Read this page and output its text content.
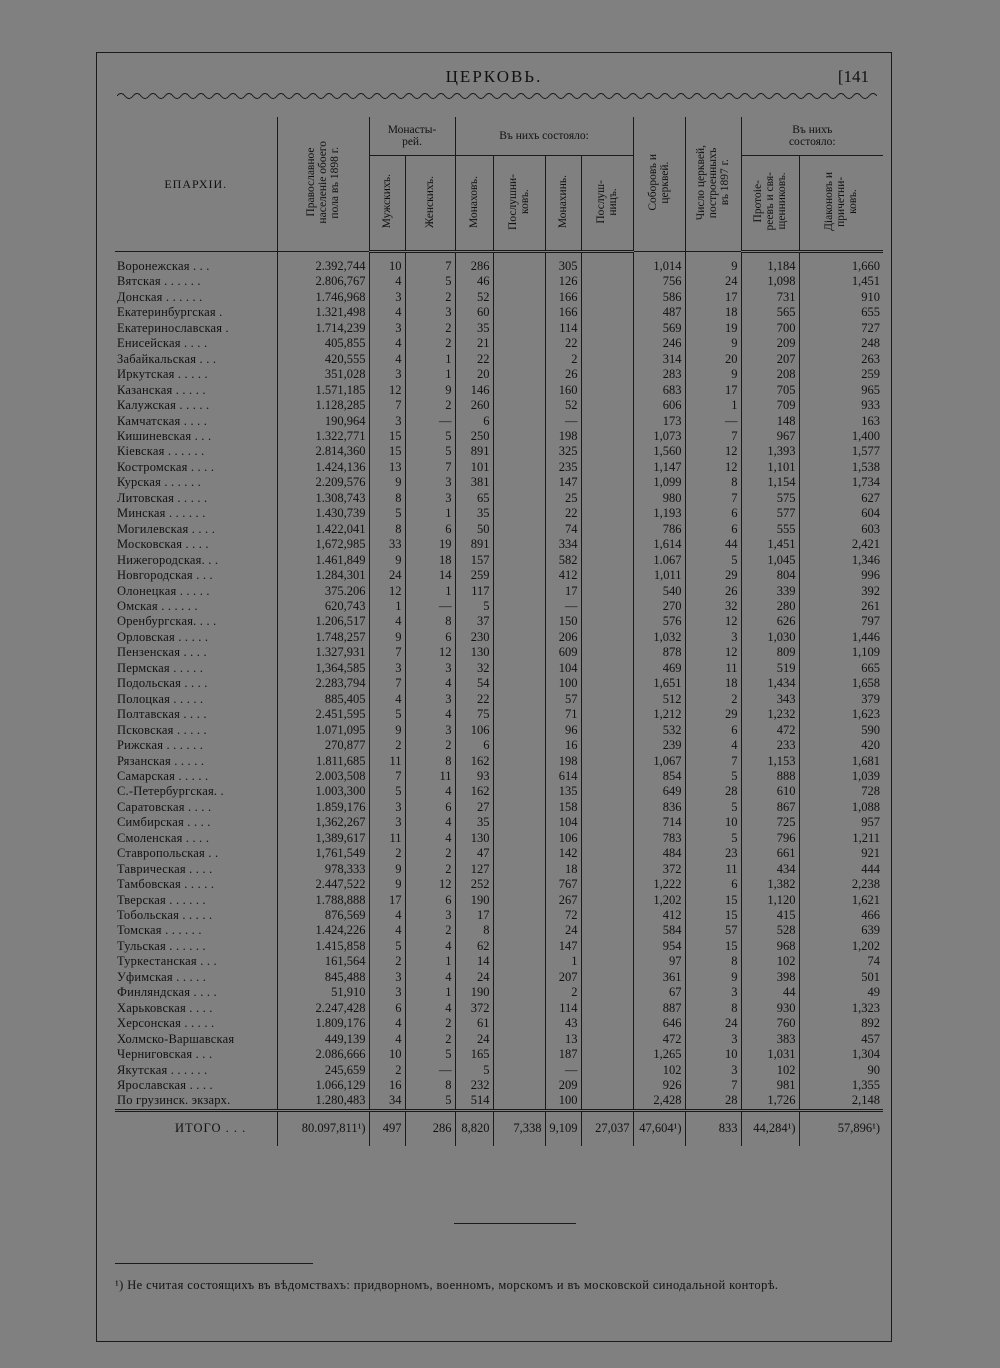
ЦЕРКОВЬ.	[141
ЕПАРХІИ.	Православное
населеніе обоего
пола въ 1898 г.	Монасты-
рей.		Въ нихъ состояло:				Соборовъ и
церквей.	Число церквей,
построенныхъ
въ 1897 г.	Въ нихъ
состояло:	
		Мужскихъ.	Женскихъ.	Монаховъ.	Послушни-
ковъ.	Монахинь.	Послуш-
ницъ.			Протоіе-
реевъ и свя-
щенниковъ.	Діаконовъ и
причетни-
ковъ.
Воронежская . . .	2.392,744	10	7	286		305		1,014	9	1,184	1,660
Вятская . . . . . .	2.806,767	4	5	46		126		756	24	1,098	1,451
Донская . . . . . .	1.746,968	3	2	52		166		586	17	731	910
Екатеринбургская .	1.321,498	4	3	60		166		487	18	565	655
Екатеринославская .	1.714,239	3	2	35		114		569	19	700	727
Енисейская . . . .	405,855	4	2	21		22		246	9	209	248
Забайкальская . . .	420,555	4	1	22		2		314	20	207	263
Иркутская . . . . .	351,028	3	1	20		26		283	9	208	259
Казанская . . . . .	1.571,185	12	9	146		160		683	17	705	965
Калужская . . . . .	1.128,285	7	2	260		52		606	1	709	933
Камчатская . . . .	190,964	3	—	6		—		173	—	148	163
Кишиневская . . .	1.322,771	15	5	250		198		1,073	7	967	1,400
Кіевская . . . . . .	2.814,360	15	5	891		325		1,560	12	1,393	1,577
Костромская . . . .	1.424,136	13	7	101		235		1,147	12	1,101	1,538
Курская . . . . . .	2.209,576	9	3	381		147		1,099	8	1,154	1,734
Литовская . . . . .	1.308,743	8	3	65		25		980	7	575	627
Минская . . . . . .	1.430,739	5	1	35		22		1,193	6	577	604
Могилевская . . . .	1.422,041	8	6	50		74		786	6	555	603
Московская . . . .	1,672,985	33	19	891		334		1,614	44	1,451	2,421
Нижегородская. . .	1.461,849	9	18	157		582		1.067	5	1,045	1,346
Новгородская . . .	1.284,301	24	14	259		412		1,011	29	804	996
Олонецкая . . . . .	375.206	12	1	117		17		540	26	339	392
Омская . . . . . .	620,743	1	—	5		—		270	32	280	261
Оренбургская. . . .	1.206,517	4	8	37		150		576	12	626	797
Орловская . . . . .	1.748,257	9	6	230		206		1,032	3	1,030	1,446
Пензенская . . . .	1.327,931	7	12	130		609		878	12	809	1,109
Пермская . . . . .	1,364,585	3	3	32		104		469	11	519	665
Подольская . . . .	2.283,794	7	4	54		100		1,651	18	1,434	1,658
Полоцкая . . . . .	885,405	4	3	22		57		512	2	343	379
Полтавская . . . .	2.451,595	5	4	75		71		1,212	29	1,232	1,623
Псковская . . . . .	1.071,095	9	3	106		96		532	6	472	590
Рижская . . . . . .	270,877	2	2	6		16		239	4	233	420
Рязанская . . . . .	1.811,685	11	8	162		198		1,067	7	1,153	1,681
Самарская . . . . .	2.003,508	7	11	93		614		854	5	888	1,039
С.-Петербургская. .	1.003,300	5	4	162		135		649	28	610	728
Саратовская . . . .	1.859,176	3	6	27		158		836	5	867	1,088
Симбирская . . . .	1,362,267	3	4	35		104		714	10	725	957
Смоленская . . . .	1,389,617	11	4	130		106		783	5	796	1,211
Ставропольская . .	1,761,549	2	2	47		142		484	23	661	921
Таврическая . . . .	978,333	9	2	127		18		372	11	434	444
Тамбовская . . . . .	2.447,522	9	12	252		767		1,222	6	1,382	2,238
Тверская . . . . . .	1.788,888	17	6	190		267		1,202	15	1,120	1,621
Тобольская . . . . .	876,569	4	3	17		72		412	15	415	466
Томская . . . . . .	1.424,226	4	2	8		24		584	57	528	639
Тульская . . . . . .	1.415,858	5	4	62		147		954	15	968	1,202
Туркестанская . . .	161,564	2	1	14		1		97	8	102	74
Уфимская . . . . .	845,488	3	4	24		207		361	9	398	501
Финляндская . . . .	51,910	3	1	190		2		67	3	44	49
Харьковская . . . .	2.247,428	6	4	372		114		887	8	930	1,323
Херсонская . . . . .	1.809,176	4	2	61		43		646	24	760	892
Холмско-Варшавская	449,139	4	2	24		13		472	3	383	457
Черниговская . . .	2.086,666	10	5	165		187		1,265	10	1,031	1,304
Якутская . . . . . .	245,659	2	—	5		—		102	3	102	90
Ярославская . . . .	1.066,129	16	8	232		209		926	7	981	1,355
По грузинск. экзарх.	1.280,483	34	5	514		100		2,428	28	1,726	2,148
ИТОГО . . .	80.097,811¹)	497	286	8,820	7,338	9,109	27,037	47,604¹)	833	44,284¹)	57,896¹)
¹) Не считая состоящихъ въ вѣдомствахъ: придворномъ, военномъ, морскомъ и въ московской синодальной конторѣ.
